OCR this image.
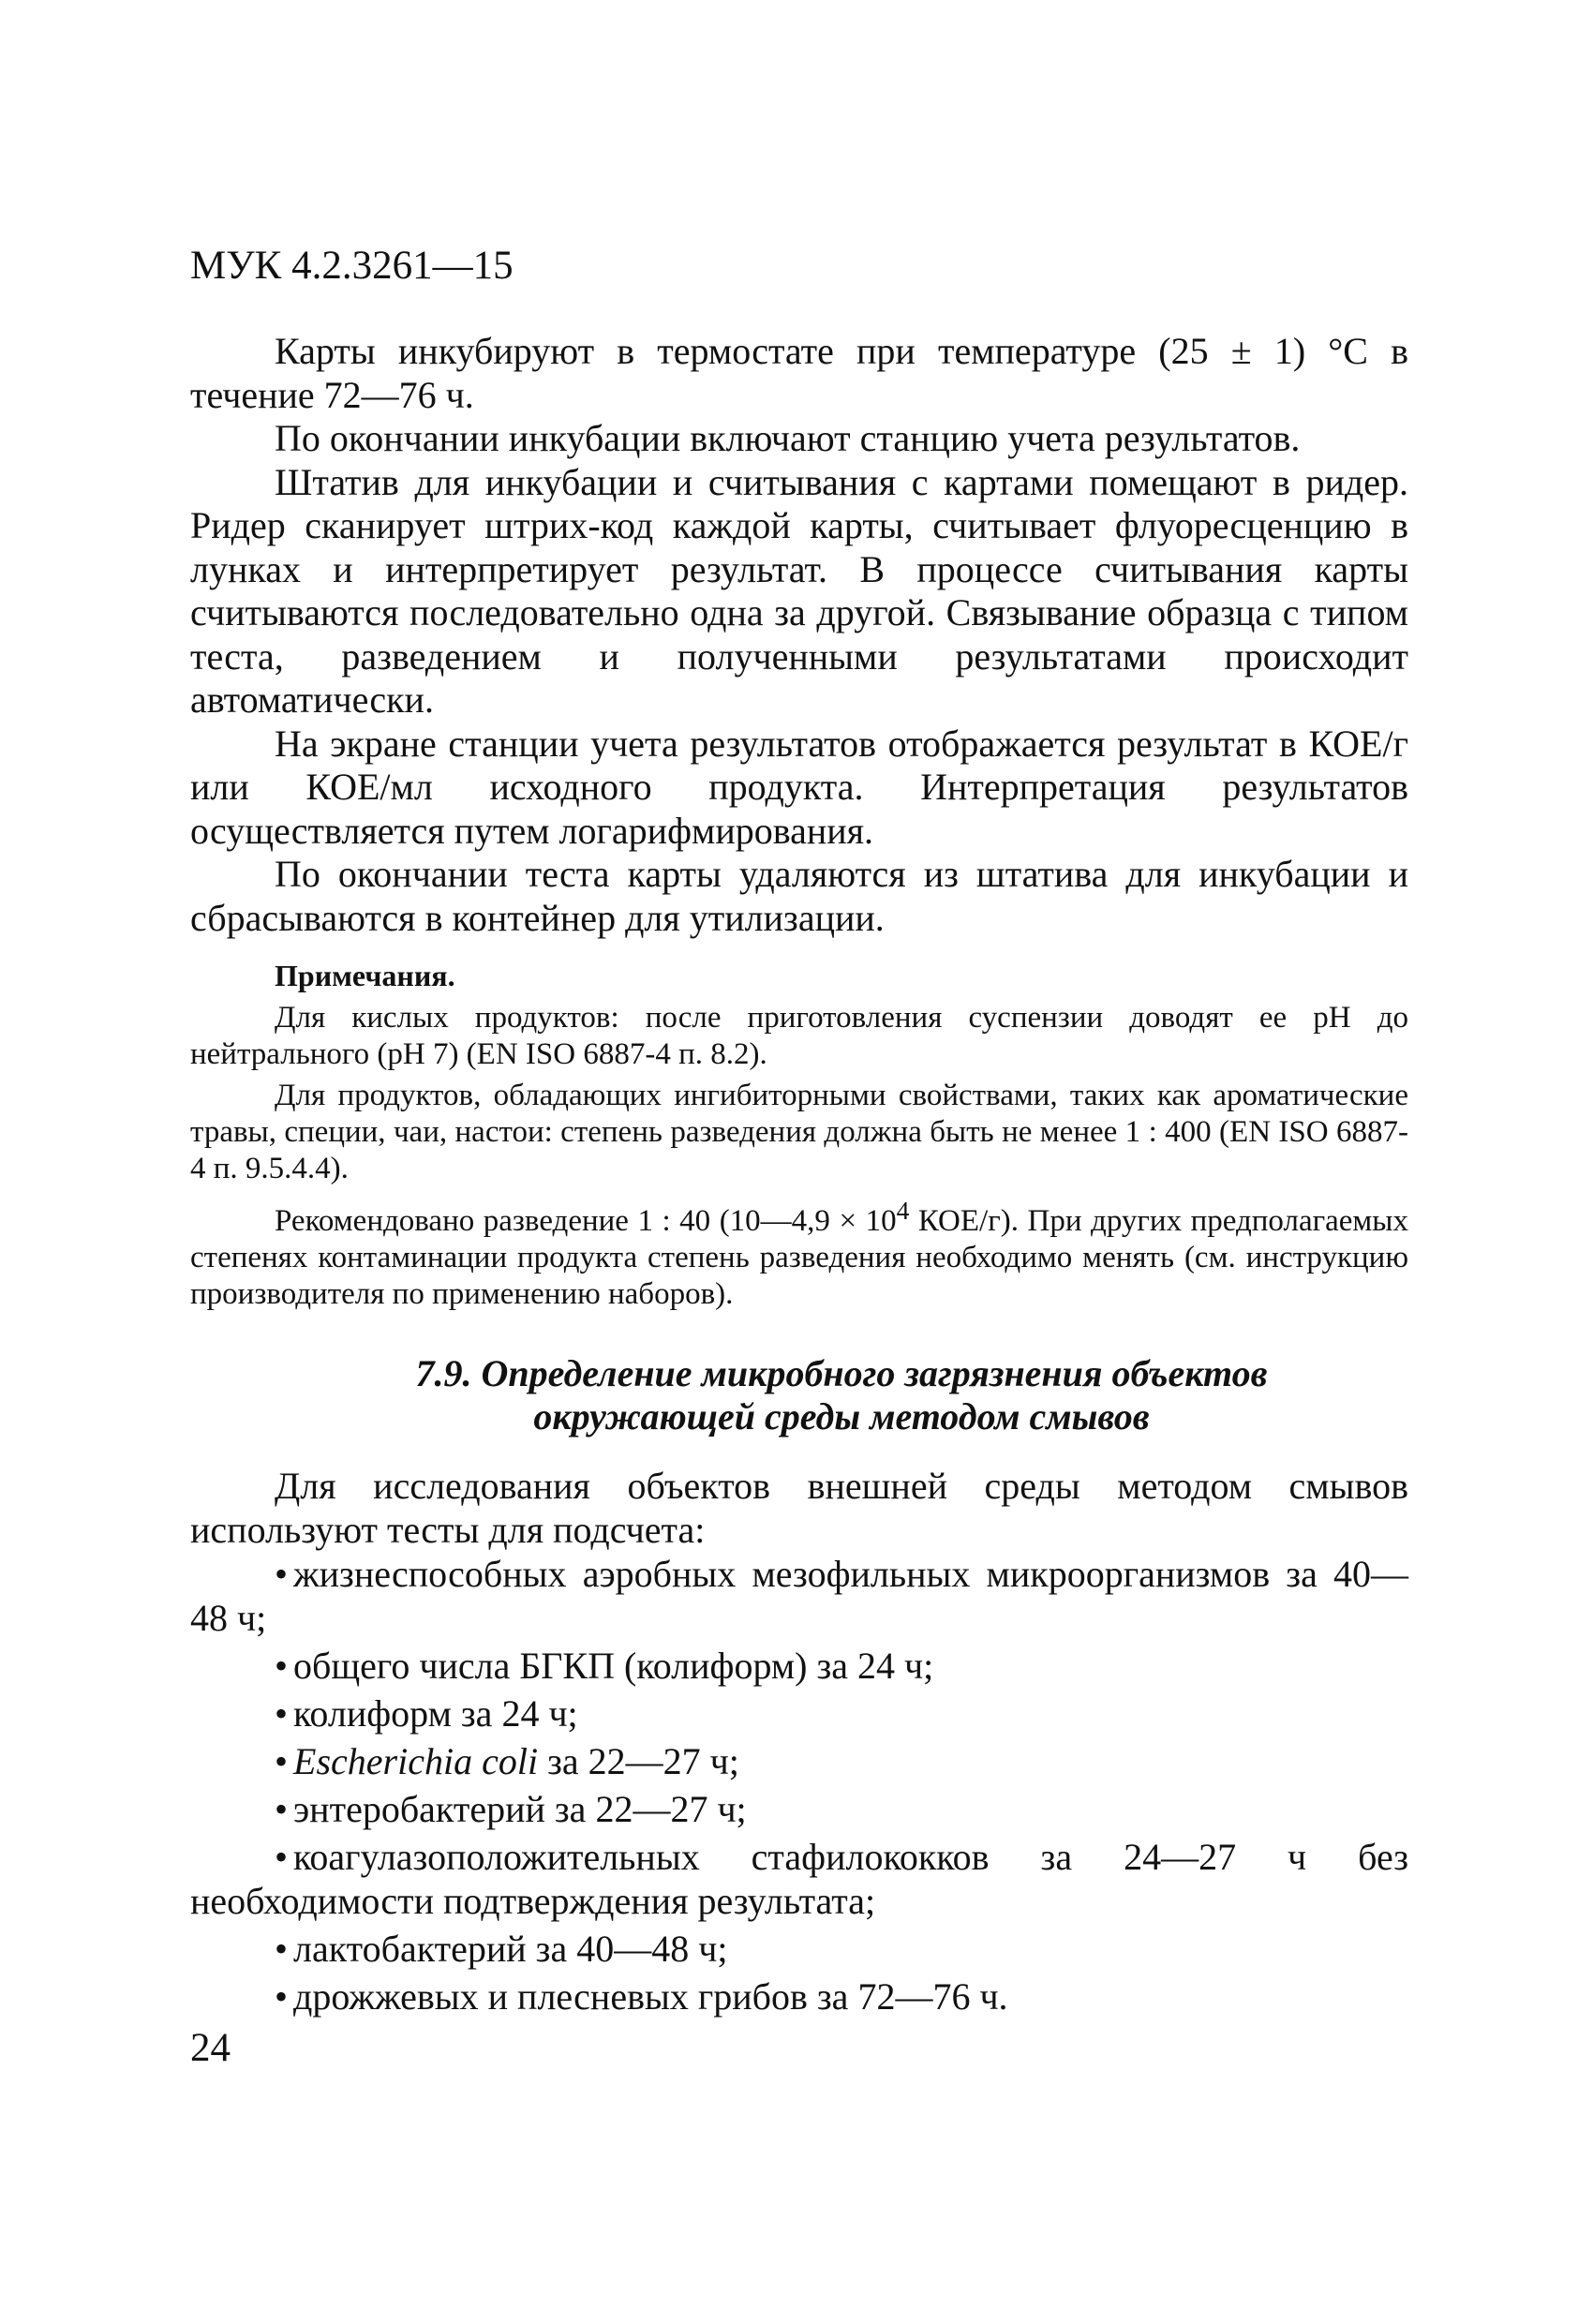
МУК 4.2.3261—15

Карты инкубируют в термостате при температуре (25 ± 1) °С в течение 72—76 ч.

По окончании инкубации включают станцию учета результатов.

Штатив для инкубации и считывания с картами помещают в ридер. Ридер сканирует штрих-код каждой карты, считывает флуоресценцию в лунках и интерпретирует результат. В процессе считывания карты считываются последовательно одна за другой. Связывание образца с типом теста, разведением и полученными результатами происходит автоматически.

На экране станции учета результатов отображается результат в КОЕ/г или КОЕ/мл исходного продукта. Интерпретация результатов осуществляется путем логарифмирования.

По окончании теста карты удаляются из штатива для инкубации и сбрасываются в контейнер для утилизации.

Примечания.

Для кислых продуктов: после приготовления суспензии доводят ее рН до нейтрального (рН 7) (EN ISO 6887-4 п. 8.2).

Для продуктов, обладающих ингибиторными свойствами, таких как ароматические травы, специи, чаи, настои: степень разведения должна быть не менее 1 : 400 (EN ISO 6887-4 п. 9.5.4.4).

Рекомендовано разведение 1 : 40 (10—4,9 × $10^4$ КОЕ/г). При других предполагаемых степенях контаминации продукта степень разведения необходимо менять (см. инструкцию производителя по применению наборов).

7.9. Определение микробного загрязнения объектов
окружающей среды методом смывов

Для исследования объектов внешней среды методом смывов используют тесты для подсчета:

• жизнеспособных аэробных мезофильных микроорганизмов за 40—48 ч;

• общего числа БГКП (колиформ) за 24 ч;

• колиформ за 24 ч;

• Escherichia coli за 22—27 ч;

• энтеробактерий за 22—27 ч;

• коагулазоположительных стафилококков за 24—27 ч без необходимости подтверждения результата;

• лактобактерий за 40—48 ч;

• дрожжевых и плесневых грибов за 72—76 ч.

24
